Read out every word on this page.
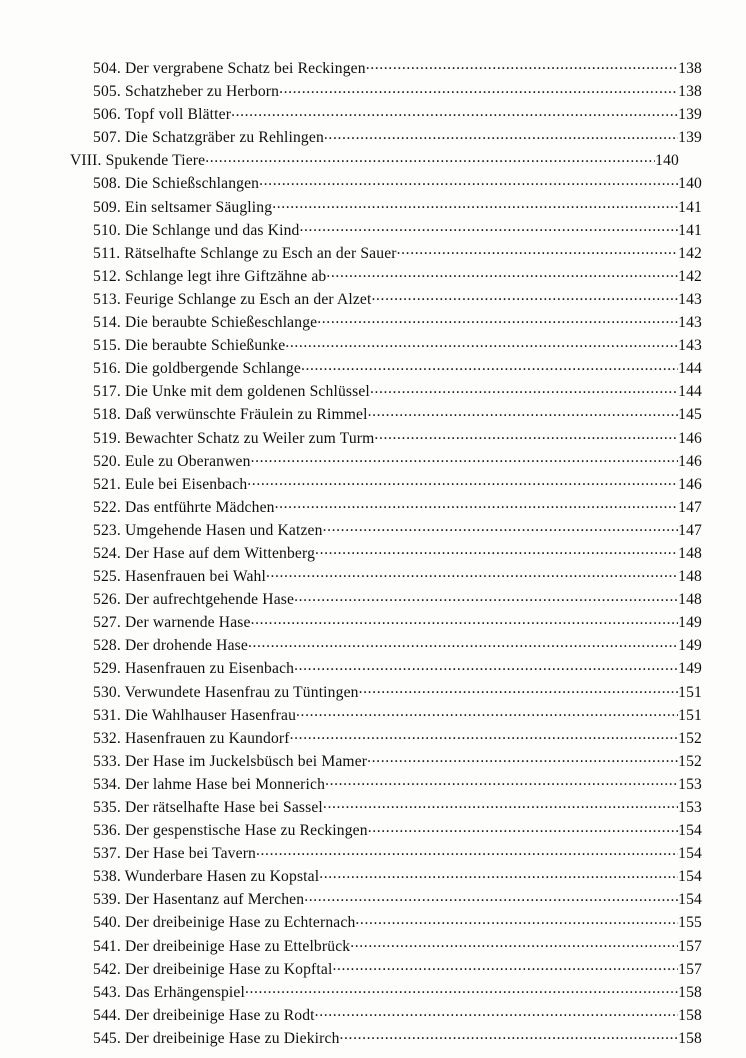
504. Der vergrabene Schatz bei Reckingen .....	138
505. Schatzheber zu Herborn .....	138
506. Topf voll Blätter .....	139
507. Die Schatzgräber zu Rehlingen .....	139
VIII. Spukende Tiere .....	140
508. Die Schießschlangen .....	140
509. Ein seltsamer Säugling .....	141
510. Die Schlange und das Kind .....	141
511. Rätselhafte Schlange zu Esch an der Sauer .....	142
512. Schlange legt ihre Giftzähne ab .....	142
513. Feurige Schlange zu Esch an der Alzet .....	143
514. Die beraubte Schießeschlange .....	143
515. Die beraubte Schießunke .....	143
516. Die goldbergende Schlange .....	144
517. Die Unke mit dem goldenen Schlüssel .....	144
518. Daß verwünschte Fräulein zu Rimmel .....	145
519. Bewachter Schatz zu Weiler zum Turm .....	146
520. Eule zu Oberanwen .....	146
521. Eule bei Eisenbach .....	146
522. Das entführte Mädchen .....	147
523. Umgehende Hasen und Katzen .....	147
524. Der Hase auf dem Wittenberg .....	148
525. Hasenfrauen bei Wahl .....	148
526. Der aufrechtgehende Hase .....	148
527. Der warnende Hase .....	149
528. Der drohende Hase .....	149
529. Hasenfrauen zu Eisenbach .....	149
530. Verwundete Hasenfrau zu Tüntingen .....	151
531. Die Wahlhauser Hasenfrau .....	151
532. Hasenfrauen zu Kaundorf .....	152
533. Der Hase im Juckelsbüsch bei Mamer .....	152
534. Der lahme Hase bei Monnerich .....	153
535. Der rätselhafte Hase bei Sassel .....	153
536. Der gespenstische Hase zu Reckingen .....	154
537. Der Hase bei Tavern .....	154
538. Wunderbare Hasen zu Kopstal .....	154
539. Der Hasentanz auf Merchen .....	154
540. Der dreibeinige Hase zu Echternach .....	155
541. Der dreibeinige Hase zu Ettelbrück .....	157
542. Der dreibeinige Hase zu Kopftal .....	157
543. Das Erhängenspiel .....	158
544. Der dreibeinige Hase zu Rodt .....	158
545. Der dreibeinige Hase zu Diekirch .....	158
